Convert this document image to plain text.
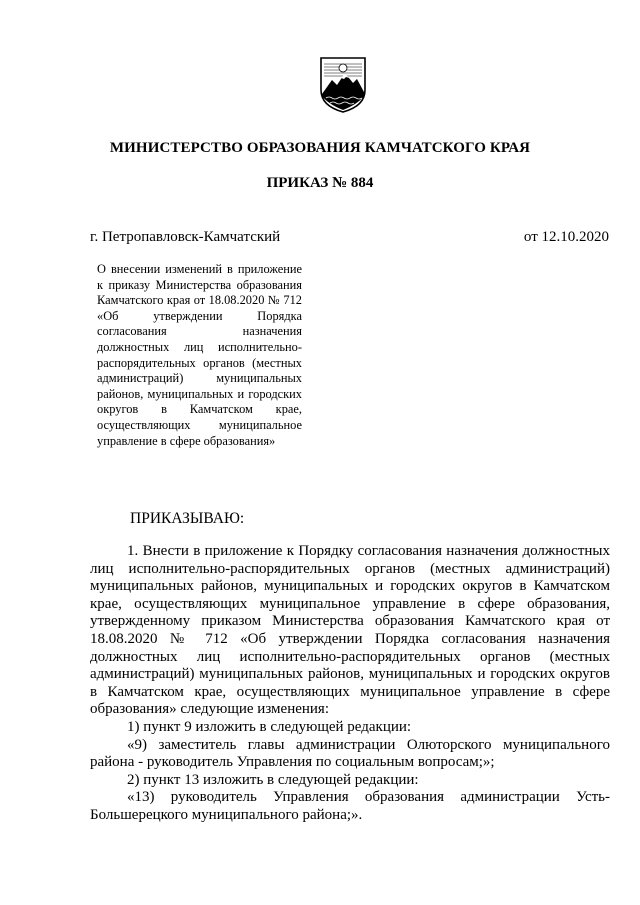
МИНИСТЕРСТВО ОБРАЗОВАНИЯ КАМЧАТСКОГО КРАЯ
ПРИКАЗ № 884
г. Петропавловск-Камчатский	от 12.10.2020
О внесении изменений в приложение к приказу Министерства образования Камчатского края от 18.08.2020 № 712 «Об утверждении Порядка согласования назначения должностных лиц исполнительно-распорядительных органов (местных администраций) муниципальных районов, муниципальных и городских округов в Камчатском крае, осуществляющих муниципальное управление в сфере образования»
ПРИКАЗЫВАЮ:

1. Внести в приложение к Порядку согласования назначения должностных лиц исполнительно-распорядительных органов (местных администраций) муниципальных районов, муниципальных и городских округов в Камчатском крае, осуществляющих муниципальное управление в сфере образования, утвержденному приказом Министерства образования Камчатского края от 18.08.2020 № 712 «Об утверждении Порядка согласования назначения должностных лиц исполнительно-распорядительных органов (местных администраций) муниципальных районов, муниципальных и городских округов в Камчатском крае, осуществляющих муниципальное управление в сфере образования» следующие изменения:

1) пункт 9 изложить в следующей редакции:

«9) заместитель главы администрации Олюторского муниципального района - руководитель Управления по социальным вопросам;»;

2) пункт 13 изложить в следующей редакции:

«13) руководитель Управления образования администрации Усть-Большерецкого муниципального района;».
